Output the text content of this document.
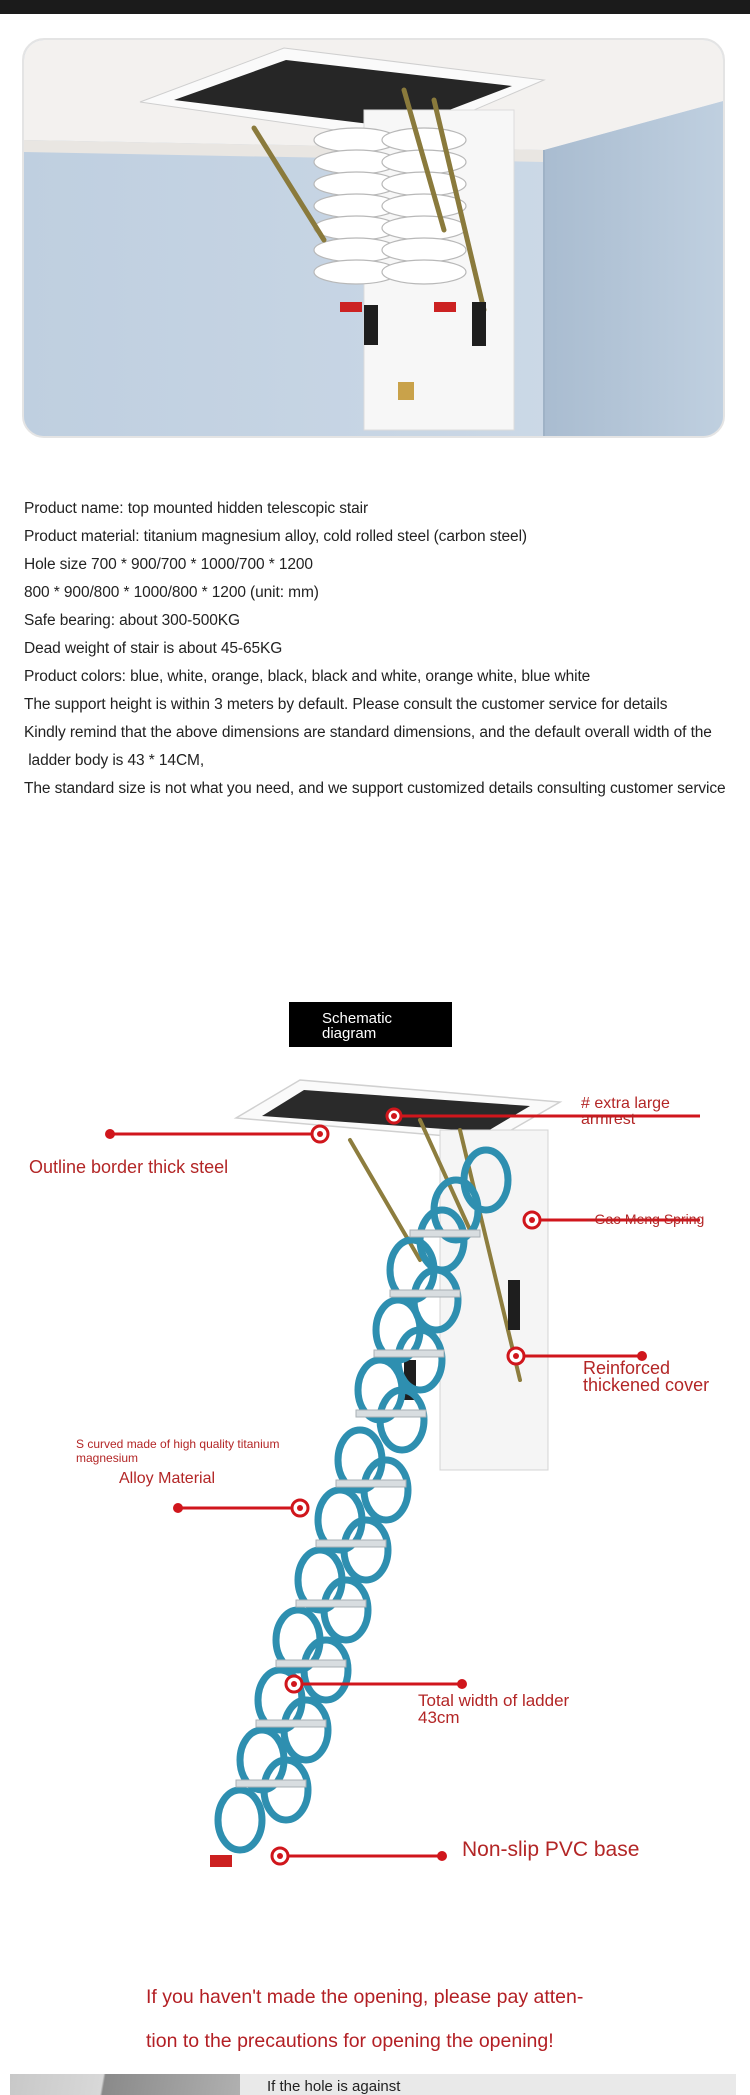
Product name: top mounted hidden telescopic stair
Product material: titanium magnesium alloy, cold rolled steel (carbon steel)
Hole size 700 * 900/700 * 1000/700 * 1200
800 * 900/800 * 1000/800 * 1200 (unit: mm)
Safe bearing: about 300-500KG
Dead weight of stair is about 45-65KG
Product colors: blue, white, orange, black, black and white, orange white, blue white
The support height is within 3 meters by default. Please consult the customer service for details
Kindly remind that the above dimensions are standard dimensions, and the default overall width of the
ladder body is 43 * 14CM,
The standard size is not what you need, and we support customized details consulting customer service
Schematic
diagram
Outline border thick steel
# extra large
armrest
- Gao Meng Spring
Reinforced
thickened cover
S curved made of high quality titanium
magnesium
Alloy Material
Total width of ladder
43cm
Non-slip PVC base
If you haven't made the opening, please pay atten-
tion to the precautions for opening the opening!
If the hole is against
